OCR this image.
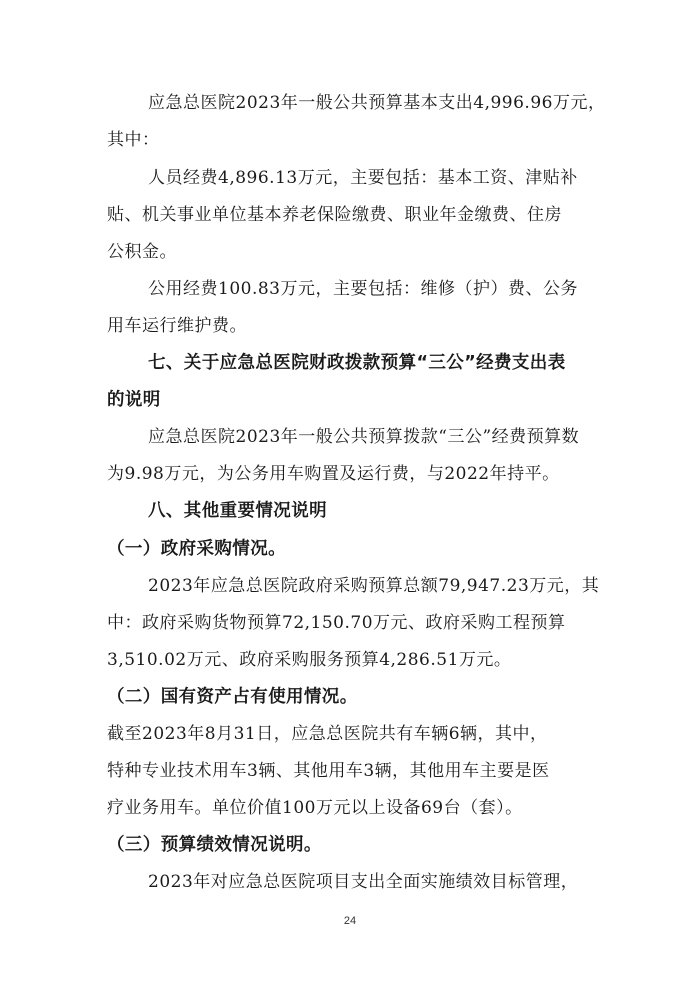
应急总医院2023年一般公共预算基本支出4,996.96万元，

其中：

人员经费4,896.13万元，主要包括：基本工资、津贴补

贴、机关事业单位基本养老保险缴费、职业年金缴费、住房

公积金。

公用经费100.83万元，主要包括：维修（护）费、公务

用车运行维护费。

七、关于应急总医院财政拨款预算“三公”经费支出表

的说明

应急总医院2023年一般公共预算拨款“三公”经费预算数

为9.98万元，为公务用车购置及运行费，与2022年持平。

八、其他重要情况说明

（一）政府采购情况。

2023年应急总医院政府采购预算总额79,947.23万元，其

中：政府采购货物预算72,150.70万元、政府采购工程预算

3,510.02万元、政府采购服务预算4,286.51万元。

（二）国有资产占有使用情况。

截至2023年8月31日，应急总医院共有车辆6辆，其中，

特种专业技术用车3辆、其他用车3辆，其他用车主要是医

疗业务用车。单位价值100万元以上设备69台（套）。

（三）预算绩效情况说明。

2023年对应急总医院项目支出全面实施绩效目标管理，

24
